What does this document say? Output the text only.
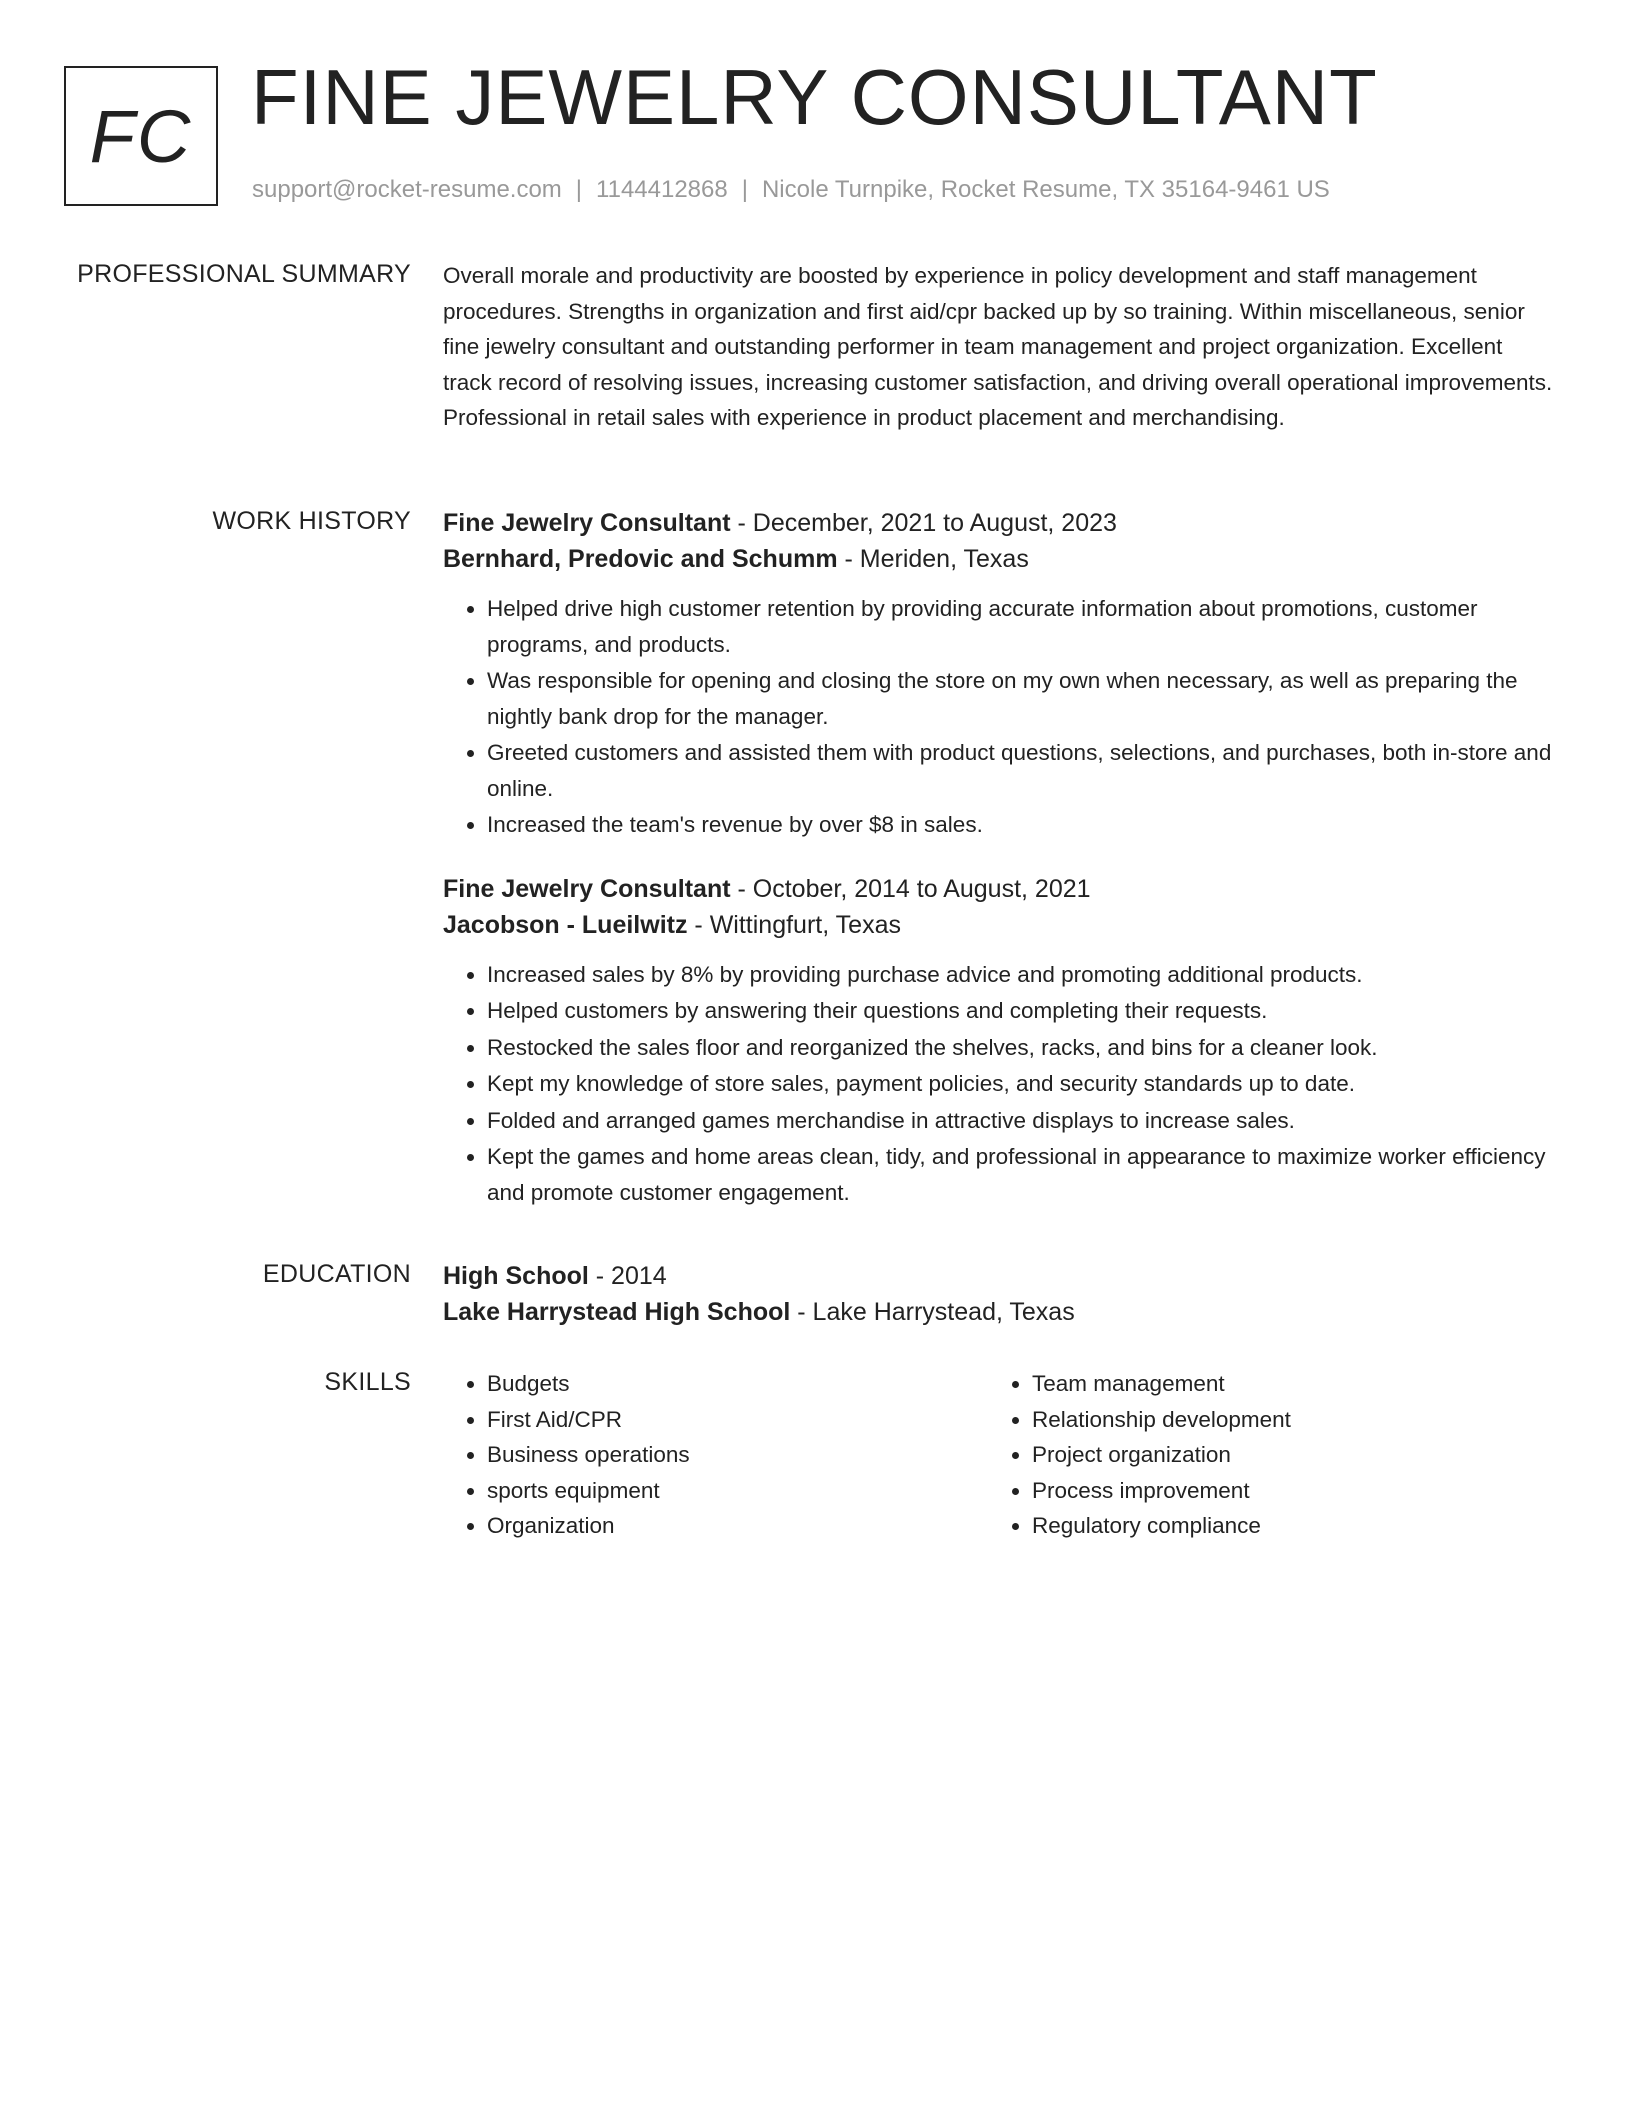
FC FINE JEWELRY CONSULTANT
support@rocket-resume.com | 1144412868 | Nicole Turnpike, Rocket Resume, TX 35164-9461 US
PROFESSIONAL SUMMARY Overall morale and productivity are boosted by experience in policy development and staff management procedures. Strengths in organization and first aid/cpr backed up by so training. Within miscellaneous, senior fine jewelry consultant and outstanding performer in team management and project organization. Excellent track record of resolving issues, increasing customer satisfaction, and driving overall operational improvements. Professional in retail sales with experience in product placement and merchandising.

WORK HISTORY Fine Jewelry Consultant - December, 2021 to August, 2023

Bernhard, Predovic and Schumm - Meriden, Texas

• Helped drive high customer retention by providing accurate information about promotions, customer programs, and products.
• Was responsible for opening and closing the store on my own when necessary, as well as preparing the nightly bank drop for the manager.
• Greeted customers and assisted them with product questions, selections, and purchases, both in-store and online.
• Increased the team's revenue by over $8 in sales.

Fine Jewelry Consultant - October, 2014 to August, 2021

Jacobson - Lueilwitz - Wittingfurt, Texas

• Increased sales by 8% by providing purchase advice and promoting additional products.
• Helped customers by answering their questions and completing their requests.
• Restocked the sales floor and reorganized the shelves, racks, and bins for a cleaner look.
• Kept my knowledge of store sales, payment policies, and security standards up to date.
• Folded and arranged games merchandise in attractive displays to increase sales.
• Kept the games and home areas clean, tidy, and professional in appearance to maximize worker efficiency and promote customer engagement.
EDUCATION High School - 2014

Lake Harrystead High School - Lake Harrystead, Texas

SKILLS
•	Budgets
• First Aid/CPR
• Business operations
• sports equipment
• Organization
• Team management
• Relationship development
• Project organization
• Process improvement
• Regulatory compliance
